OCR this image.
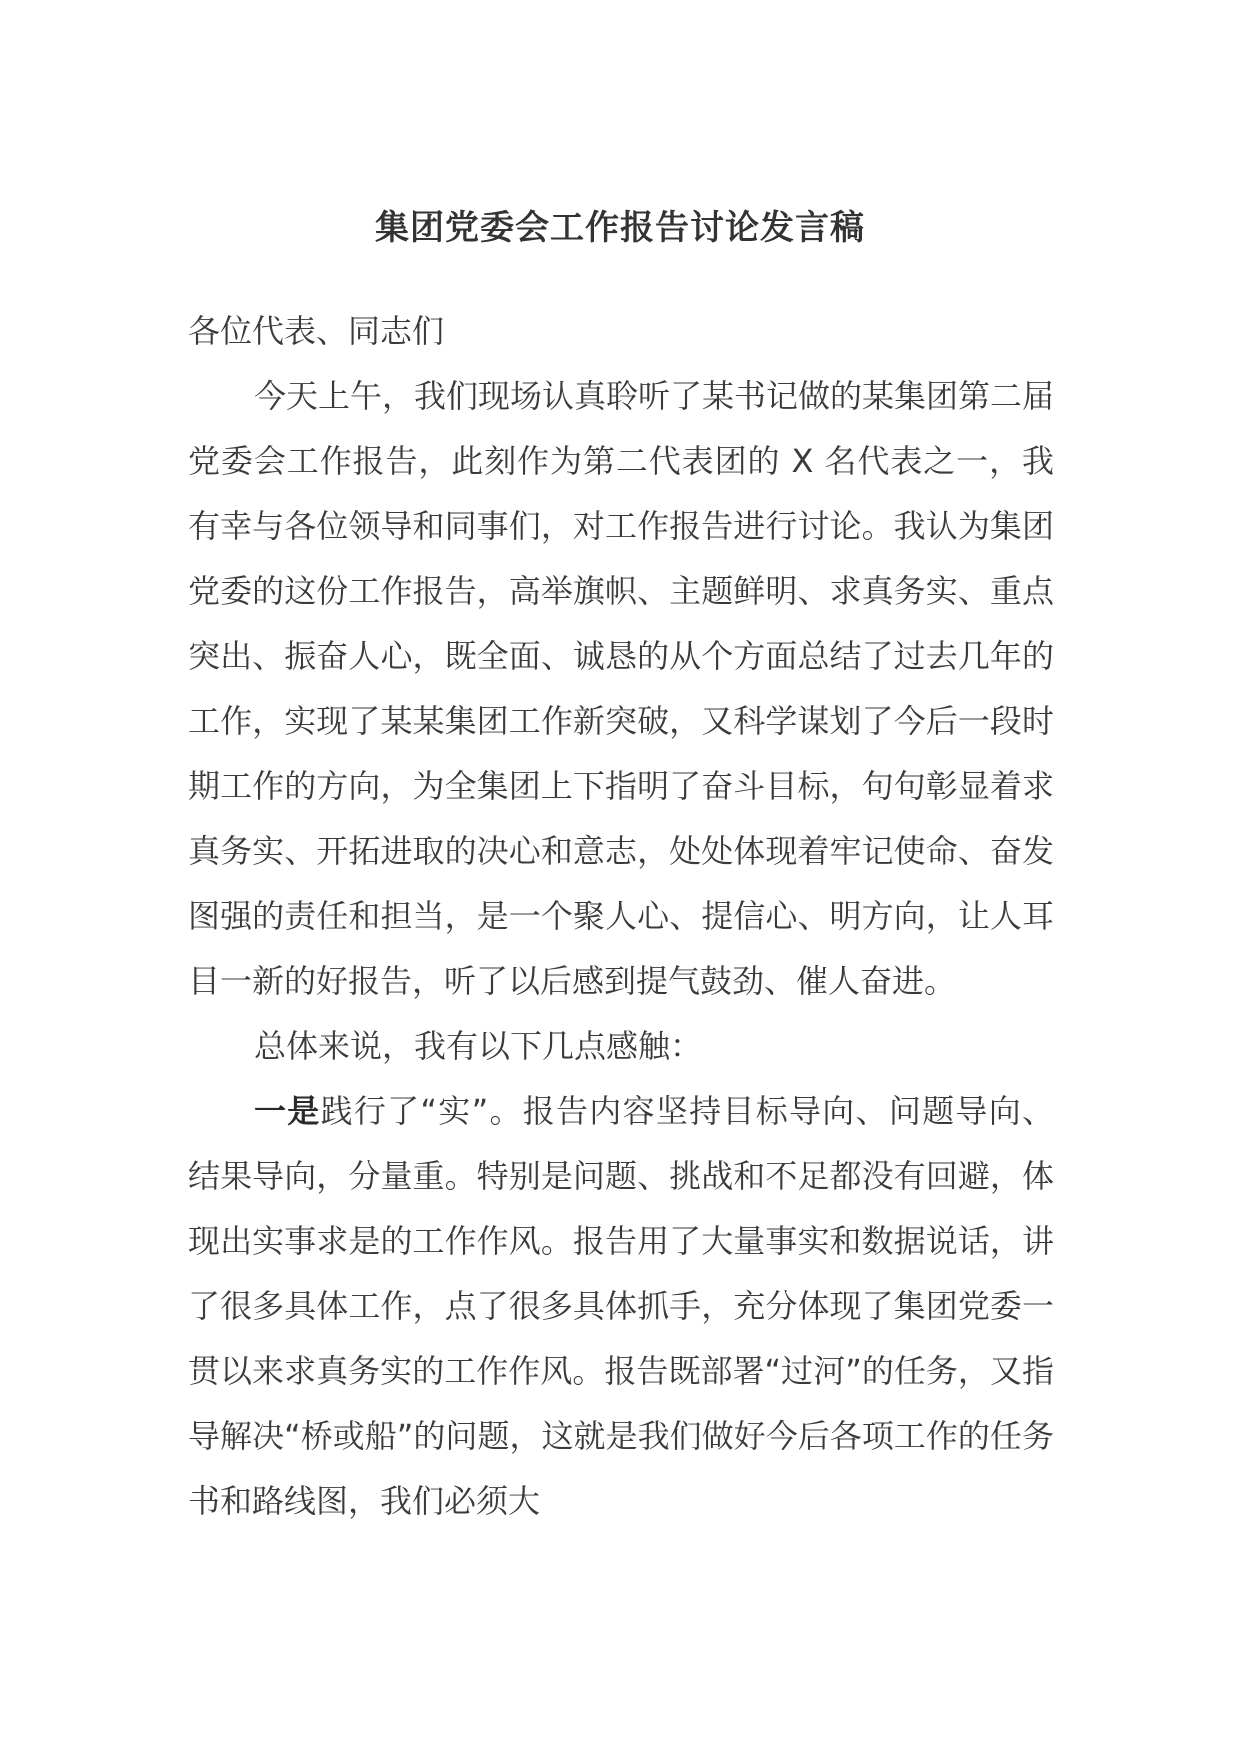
集团党委会工作报告讨论发言稿

各位代表、同志们

今天上午，我们现场认真聆听了某书记做的某集团第二届党委会工作报告，此刻作为第二代表团的 X 名代表之一，我有幸与各位领导和同事们，对工作报告进行讨论。我认为集团党委的这份工作报告，高举旗帜、主题鲜明、求真务实、重点突出、振奋人心，既全面、诚恳的从个方面总结了过去几年的工作，实现了某某集团工作新突破，又科学谋划了今后一段时期工作的方向，为全集团上下指明了奋斗目标，句句彰显着求真务实、开拓进取的决心和意志，处处体现着牢记使命、奋发图强的责任和担当，是一个聚人心、提信心、明方向，让人耳目一新的好报告，听了以后感到提气鼓劲、催人奋进。

总体来说，我有以下几点感触：

一是践行了“实”。报告内容坚持目标导向、问题导向、结果导向，分量重。特别是问题、挑战和不足都没有回避，体现出实事求是的工作作风。报告用了大量事实和数据说话，讲了很多具体工作，点了很多具体抓手，充分体现了集团党委一贯以来求真务实的工作作风。报告既部署“过河”的任务，又指导解决“桥或船”的问题，这就是我们做好今后各项工作的任务书和路线图，我们必须大
